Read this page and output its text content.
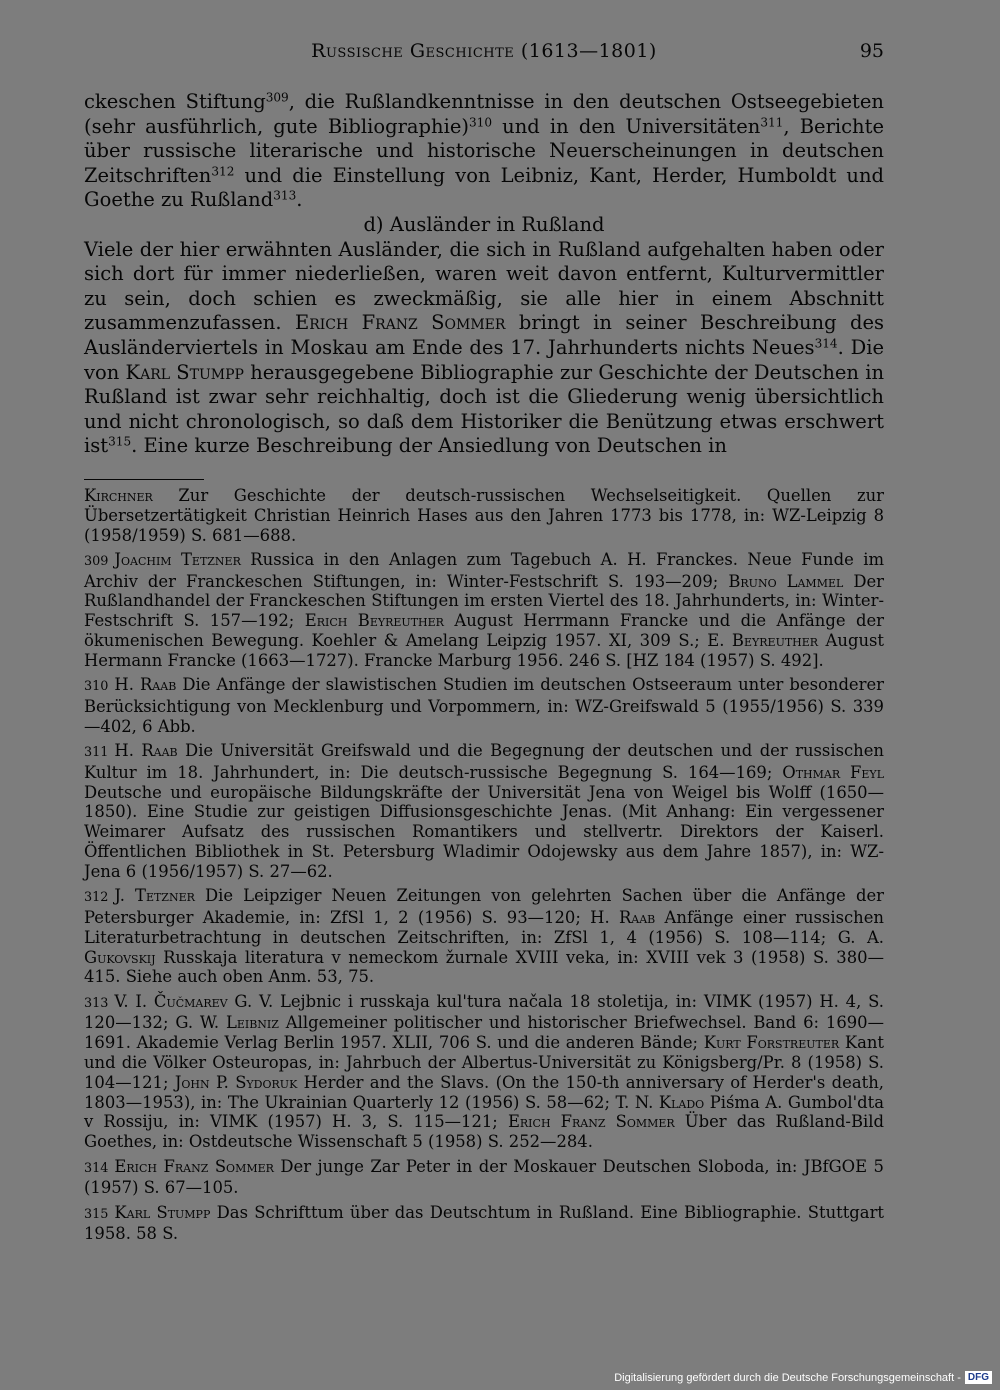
Russische Geschichte (1613—1801)	95

ckeschen Stiftung$^{309}$, die Rußlandkenntnisse in den deutschen Ostseegebieten (sehr ausführlich, gute Bibliographie)$^{310}$ und in den Universitäten$^{311}$, Berichte über russische literarische und historische Neuerscheinungen in deutschen Zeitschriften$^{312}$ und die Einstellung von Leibniz, Kant, Herder, Humboldt und Goethe zu Rußland$^{313}$.

d) Ausländer in Rußland

Viele der hier erwähnten Ausländer, die sich in Rußland aufgehalten haben oder sich dort für immer niederließen, waren weit davon entfernt, Kulturvermittler zu sein, doch schien es zweckmäßig, sie alle hier in einem Abschnitt zusammenzufassen. Erich Franz Sommer bringt in seiner Beschreibung des Ausländerviertels in Moskau am Ende des 17. Jahrhunderts nichts Neues$^{314}$. Die von Karl Stumpp herausgegebene Bibliographie zur Geschichte der Deutschen in Rußland ist zwar sehr reichhaltig, doch ist die Gliederung wenig übersichtlich und nicht chronologisch, so daß dem Historiker die Benützung etwas erschwert ist$^{315}$. Eine kurze Beschreibung der Ansiedlung von Deutschen in

Kirchner Zur Geschichte der deutsch-russischen Wechselseitigkeit. Quellen zur Übersetzertätigkeit Christian Heinrich Hases aus den Jahren 1773 bis 1778, in: WZ-Leipzig 8 (1958/1959) S. 681—688.

309 Joachim Tetzner Russica in den Anlagen zum Tagebuch A. H. Franckes. Neue Funde im Archiv der Franckeschen Stiftungen, in: Winter-Festschrift S. 193—209; Bruno Lammel Der Rußlandhandel der Franckeschen Stiftungen im ersten Viertel des 18. Jahrhunderts, in: Winter-Festschrift S. 157—192; Erich Beyreuther August Herrmann Francke und die Anfänge der ökumenischen Bewegung. Koehler & Amelang Leipzig 1957. XI, 309 S.; E. Beyreuther August Hermann Francke (1663—1727). Francke Marburg 1956. 246 S. [HZ 184 (1957) S. 492].

310 H. Raab Die Anfänge der slawistischen Studien im deutschen Ostseeraum unter besonderer Berücksichtigung von Mecklenburg und Vorpommern, in: WZ-Greifswald 5 (1955/1956) S. 339—402, 6 Abb.

311 H. Raab Die Universität Greifswald und die Begegnung der deutschen und der russischen Kultur im 18. Jahrhundert, in: Die deutsch-russische Begegnung S. 164—169; Othmar Feyl Deutsche und europäische Bildungskräfte der Universität Jena von Weigel bis Wolff (1650—1850). Eine Studie zur geistigen Diffusionsgeschichte Jenas. (Mit Anhang: Ein vergessener Weimarer Aufsatz des russischen Romantikers und stellvertr. Direktors der Kaiserl. Öffentlichen Bibliothek in St. Petersburg Wladimir Odojewsky aus dem Jahre 1857), in: WZ-Jena 6 (1956/1957) S. 27—62.

312 J. Tetzner Die Leipziger Neuen Zeitungen von gelehrten Sachen über die Anfänge der Petersburger Akademie, in: ZfSl 1, 2 (1956) S. 93—120; H. Raab Anfänge einer russischen Literaturbetrachtung in deutschen Zeitschriften, in: ZfSl 1, 4 (1956) S. 108—114; G. A. Gukovskij Russkaja literatura v nemeckom žurnale XVIII veka, in: XVIII vek 3 (1958) S. 380—415. Siehe auch oben Anm. 53, 75.

313 V. I. Čučmarev G. V. Lejbnic i russkaja kul'tura načala 18 stoletija, in: VIMK (1957) H. 4, S. 120—132; G. W. Leibniz Allgemeiner politischer und historischer Briefwechsel. Band 6: 1690—1691. Akademie Verlag Berlin 1957. XLII, 706 S. und die anderen Bände; Kurt Forstreuter Kant und die Völker Osteuropas, in: Jahrbuch der Albertus-Universität zu Königsberg/Pr. 8 (1958) S. 104—121; John P. Sydoruk Herder and the Slavs. (On the 150-th anniversary of Herder's death, 1803—1953), in: The Ukrainian Quarterly 12 (1956) S. 58—62; T. N. Klado Piśma A. Gumbol'dta v Rossiju, in: VIMK (1957) H. 3, S. 115—121; Erich Franz Sommer Über das Rußland-Bild Goethes, in: Ostdeutsche Wissenschaft 5 (1958) S. 252—284.

314 Erich Franz Sommer Der junge Zar Peter in der Moskauer Deutschen Sloboda, in: JBfGOE 5 (1957) S. 67—105.

315 Karl Stumpp Das Schrifttum über das Deutschtum in Rußland. Eine Bibliographie. Stuttgart 1958. 58 S.

Digitalisierung gefördert durch die Deutsche Forschungsgemeinschaft - DFG
